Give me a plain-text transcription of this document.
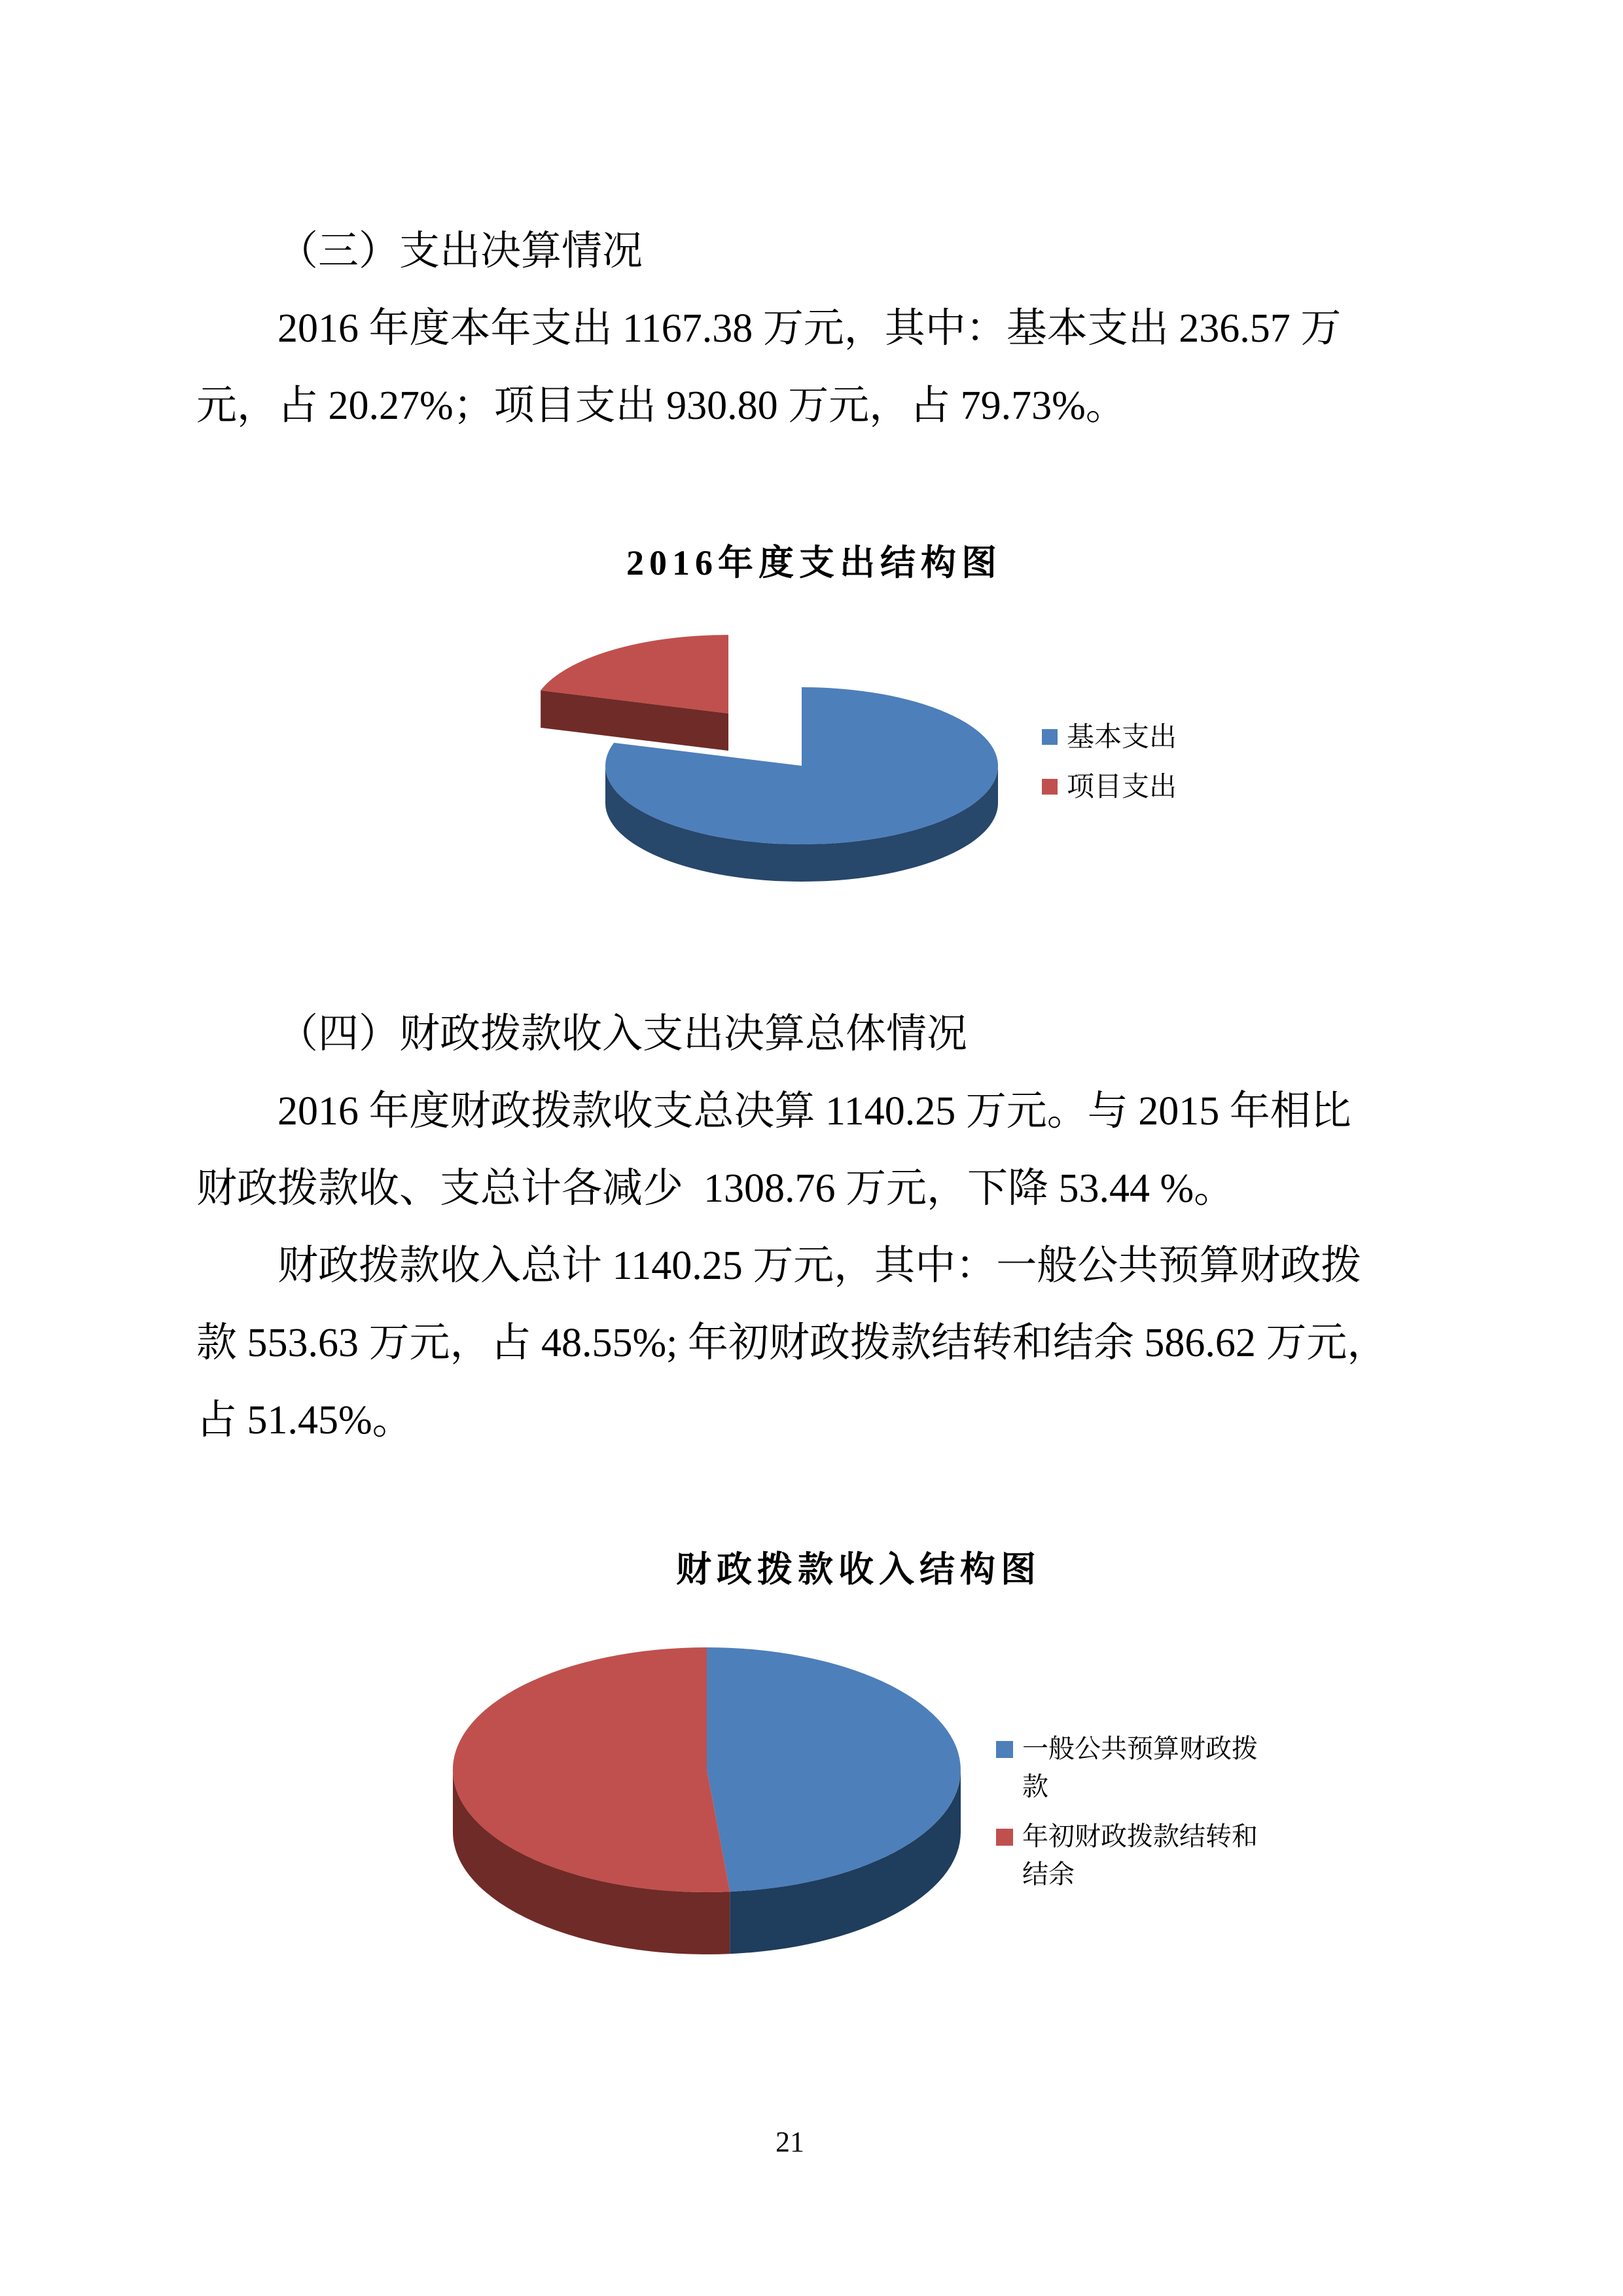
（三）支出决算情况
2016 年度本年支出 1167.38 万元，其中：基本支出 236.57 万
元，占 20.27%；项目支出 930.80 万元，占 79.73%。
2016年度支出结构图
（四）财政拨款收入支出决算总体情况
2016 年度财政拨款收支总决算 1140.25 万元。与 2015 年相比
财政拨款收、支总计各减少  1308.76 万元，下降 53.44 %。
财政拨款收入总计 1140.25 万元，其中：一般公共预算财政拨
款 553.63 万元，占 48.55%; 年初财政拨款结转和结余 586.62 万元，
占 51.45%。
财政拨款收入结构图
21
基本支出
项目支出
一般公共预算财政拨
款
年初财政拨款结转和
结余
